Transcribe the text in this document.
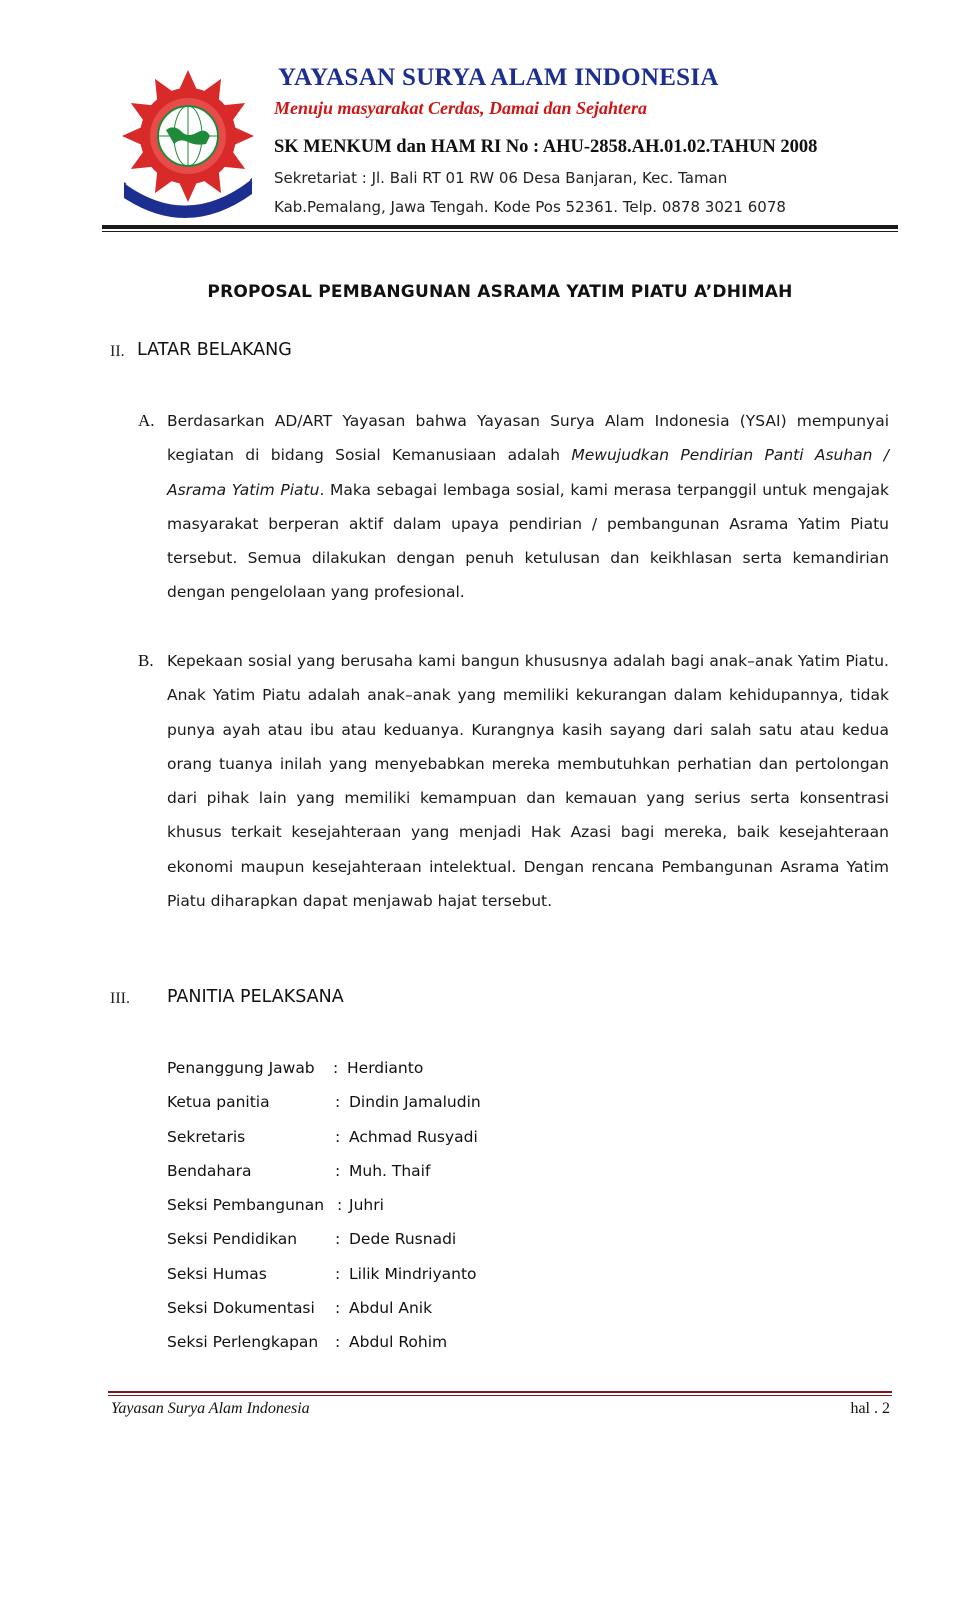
YAYASAN SURYA ALAM INDONESIA
Menuju masyarakat Cerdas, Damai dan Sejahtera
SK MENKUM dan HAM RI No : AHU-2858.AH.01.02.TAHUN 2008
Sekretariat : Jl. Bali RT 01 RW 06 Desa Banjaran, Kec. Taman
Kab.Pemalang, Jawa Tengah. Kode Pos 52361. Telp. 0878 3021 6078
PROPOSAL PEMBANGUNAN ASRAMA YATIM PIATU A’DHIMAH
II. LATAR BELAKANG
A. Berdasarkan AD/ART Yayasan bahwa Yayasan Surya Alam Indonesia (YSAI) mempunyai kegiatan di bidang Sosial Kemanusiaan adalah Mewujudkan Pendirian Panti Asuhan / Asrama Yatim Piatu. Maka sebagai lembaga sosial, kami merasa terpanggil untuk mengajak masyarakat berperan aktif dalam upaya pendirian / pembangunan Asrama Yatim Piatu tersebut. Semua dilakukan dengan penuh ketulusan dan keikhlasan serta kemandirian dengan pengelolaan yang profesional.

B. Kepekaan sosial yang berusaha kami bangun khususnya adalah bagi anak–anak Yatim Piatu. Anak Yatim Piatu adalah anak–anak yang memiliki kekurangan dalam kehidupannya, tidak punya ayah atau ibu atau keduanya. Kurangnya kasih sayang dari salah satu atau kedua orang tuanya inilah yang menyebabkan mereka membutuhkan perhatian dan pertolongan dari pihak lain yang memiliki kemampuan dan kemauan yang serius serta konsentrasi khusus terkait kesejahteraan yang menjadi Hak Azasi bagi mereka, baik kesejahteraan ekonomi maupun kesejahteraan intelektual. Dengan rencana Pembangunan Asrama Yatim Piatu diharapkan dapat menjawab hajat tersebut.

III. PANITIA PELAKSANA
Penanggung Jawab : Herdianto
Ketua panitia	: Dindin Jamaludin
Sekretaris	: Achmad Rusyadi
Bendahara	: Muh. Thaif
Seksi Pembangunan : Juhri
Seksi Pendidikan : Dede Rusnadi
Seksi Humas	: Lilik Mindriyanto
Seksi Dokumentasi : Abdul Anik
Seksi Perlengkapan : Abdul Rohim
Yayasan Surya Alam Indonesia	hal . 2
